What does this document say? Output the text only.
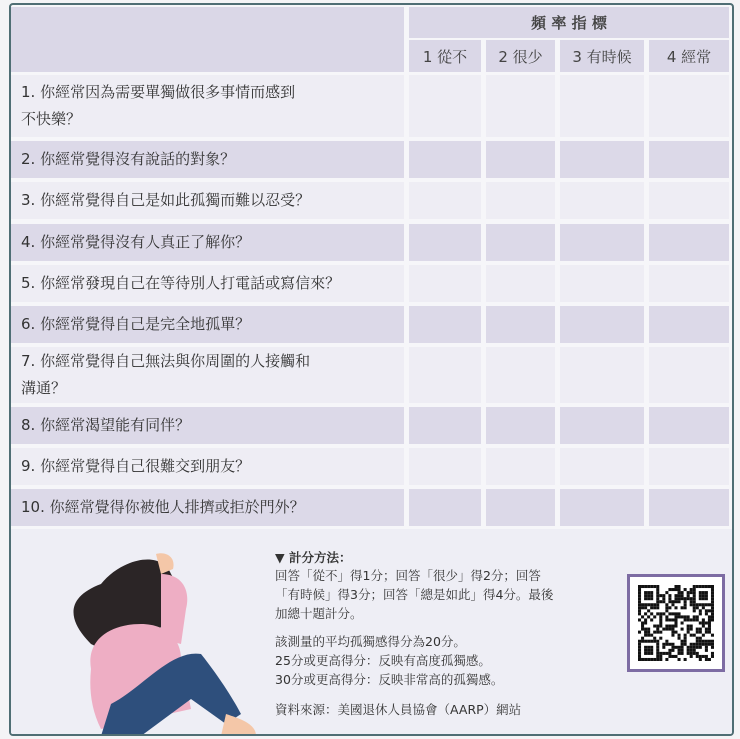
頻 率 指 標
1 從不	2 很少	3 有時候	4 經常
1. 你經常因為需要單獨做很多事情而感到
不快樂？
2. 你經常覺得沒有說話的對象？
3. 你經常覺得自己是如此孤獨而難以忍受？
4. 你經常覺得沒有人真正了解你？
5. 你經常發現自己在等待別人打電話或寫信來？
6. 你經常覺得自己是完全地孤單？
7. 你經常覺得自己無法與你周圍的人接觸和
溝通？
8. 你經常渴望能有同伴？
9. 你經常覺得自己很難交到朋友？
10. 你經常覺得你被他人排擠或拒於門外？
▼ 計分方法：
回答「從不」得1分；回答「很少」得2分；回答
「有時候」得3分；回答「總是如此」得4分。最後
加總十題計分。
該測量的平均孤獨感得分為20分。
25分或更高得分：反映有高度孤獨感。
30分或更高得分：反映非常高的孤獨感。
資料來源：美國退休人員協會（AARP）網站
